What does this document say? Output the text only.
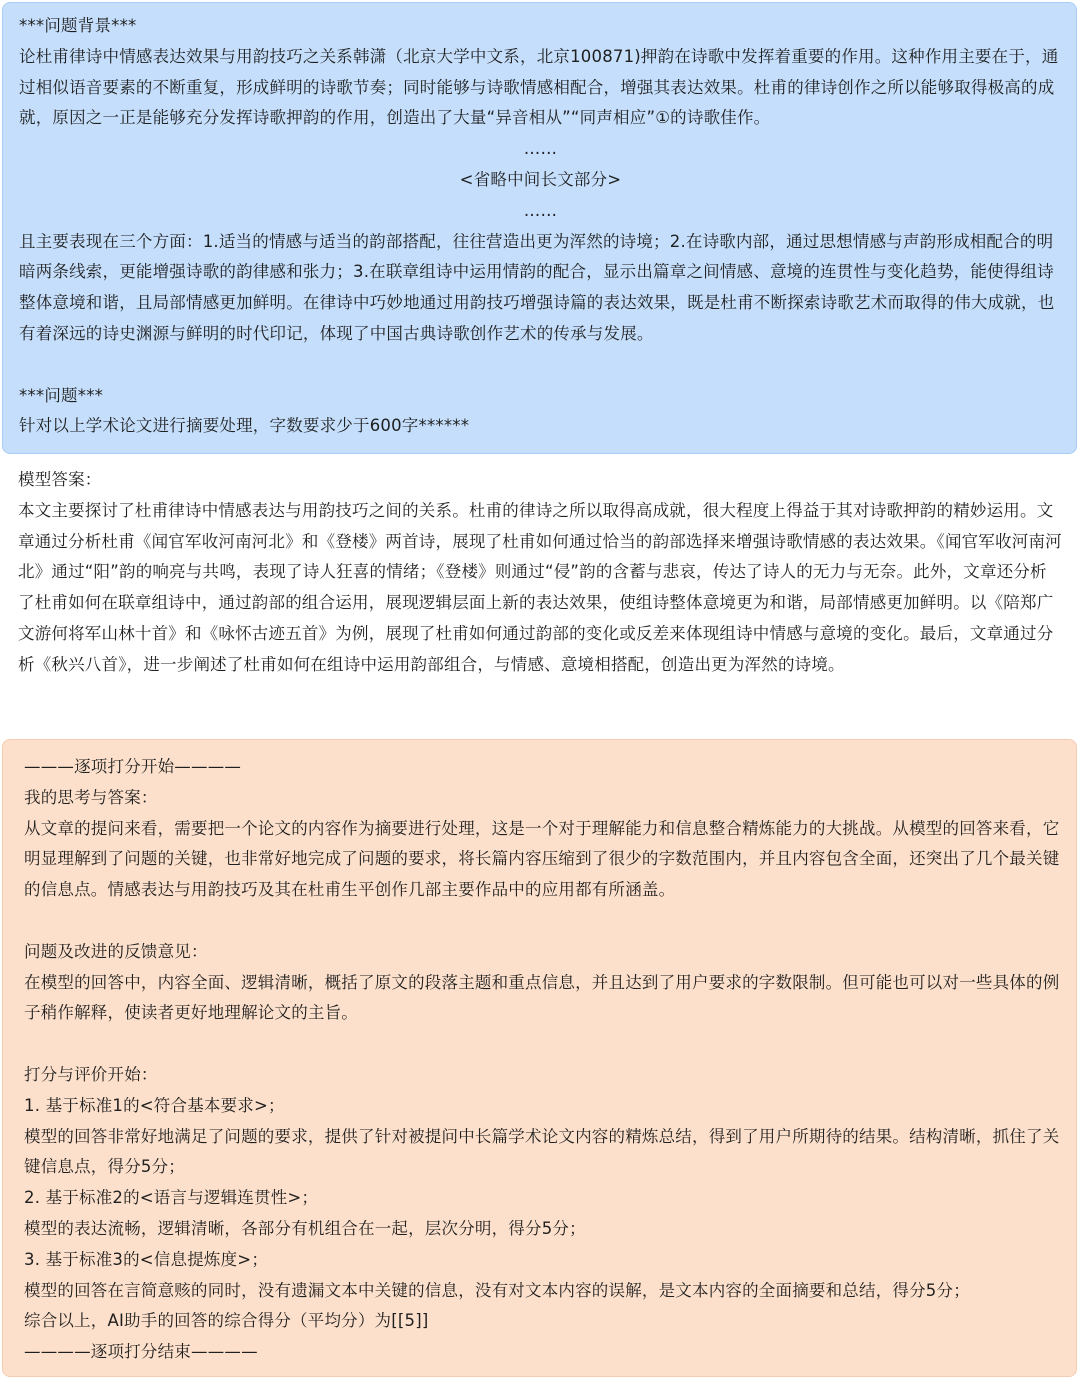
***问题背景***

论杜甫律诗中情感表达效果与用韵技巧之关系韩潇（北京大学中文系，北京100871)押韵在诗歌中发挥着重要的作用。这种作用主要在于，通过相似语音要素的不断重复，形成鲜明的诗歌节奏；同时能够与诗歌情感相配合，增强其表达效果。杜甫的律诗创作之所以能够取得极高的成就，原因之一正是能够充分发挥诗歌押韵的作用，创造出了大量“异音相从”“同声相应”①的诗歌佳作。

……

<省略中间长文部分>

……

且主要表现在三个方面：1.适当的情感与适当的韵部搭配，往往营造出更为浑然的诗境；2.在诗歌内部，通过思想情感与声韵形成相配合的明暗两条线索，更能增强诗歌的韵律感和张力；3.在联章组诗中运用情韵的配合，显示出篇章之间情感、意境的连贯性与变化趋势，能使得组诗整体意境和谐，且局部情感更加鲜明。在律诗中巧妙地通过用韵技巧增强诗篇的表达效果，既是杜甫不断探索诗歌艺术而取得的伟大成就，也有着深远的诗史渊源与鲜明的时代印记，体现了中国古典诗歌创作艺术的传承与发展。

***问题***

针对以上学术论文进行摘要处理，字数要求少于600字******

模型答案：

本文主要探讨了杜甫律诗中情感表达与用韵技巧之间的关系。杜甫的律诗之所以取得高成就，很大程度上得益于其对诗歌押韵的精妙运用。文章通过分析杜甫《闻官军收河南河北》和《登楼》两首诗，展现了杜甫如何通过恰当的韵部选择来增强诗歌情感的表达效果。《闻官军收河南河北》通过“阳”韵的响亮与共鸣，表现了诗人狂喜的情绪；《登楼》则通过“侵”韵的含蓄与悲哀，传达了诗人的无力与无奈。此外，文章还分析了杜甫如何在联章组诗中，通过韵部的组合运用，展现逻辑层面上新的表达效果，使组诗整体意境更为和谐，局部情感更加鲜明。以《陪郑广文游何将军山林十首》和《咏怀古迹五首》为例，展现了杜甫如何通过韵部的变化或反差来体现组诗中情感与意境的变化。最后，文章通过分析《秋兴八首》，进一步阐述了杜甫如何在组诗中运用韵部组合，与情感、意境相搭配，创造出更为浑然的诗境。

———逐项打分开始————

我的思考与答案：

从文章的提问来看，需要把一个论文的内容作为摘要进行处理，这是一个对于理解能力和信息整合精炼能力的大挑战。从模型的回答来看，它明显理解到了问题的关键，也非常好地完成了问题的要求，将长篇内容压缩到了很少的字数范围内，并且内容包含全面，还突出了几个最关键的信息点。情感表达与用韵技巧及其在杜甫生平创作几部主要作品中的应用都有所涵盖。

问题及改进的反馈意见：

在模型的回答中，内容全面、逻辑清晰，概括了原文的段落主题和重点信息，并且达到了用户要求的字数限制。但可能也可以对一些具体的例子稍作解释，使读者更好地理解论文的主旨。

打分与评价开始：

1. 基于标准1的<符合基本要求>；

模型的回答非常好地满足了问题的要求，提供了针对被提问中长篇学术论文内容的精炼总结，得到了用户所期待的结果。结构清晰，抓住了关键信息点，得分5分；

2. 基于标准2的<语言与逻辑连贯性>；

模型的表达流畅，逻辑清晰，各部分有机组合在一起，层次分明，得分5分；

3. 基于标准3的<信息提炼度>；

模型的回答在言简意赅的同时，没有遗漏文本中关键的信息，没有对文本内容的误解，是文本内容的全面摘要和总结，得分5分；

综合以上，AI助手的回答的综合得分（平均分）为[[5]]

————逐项打分结束————
